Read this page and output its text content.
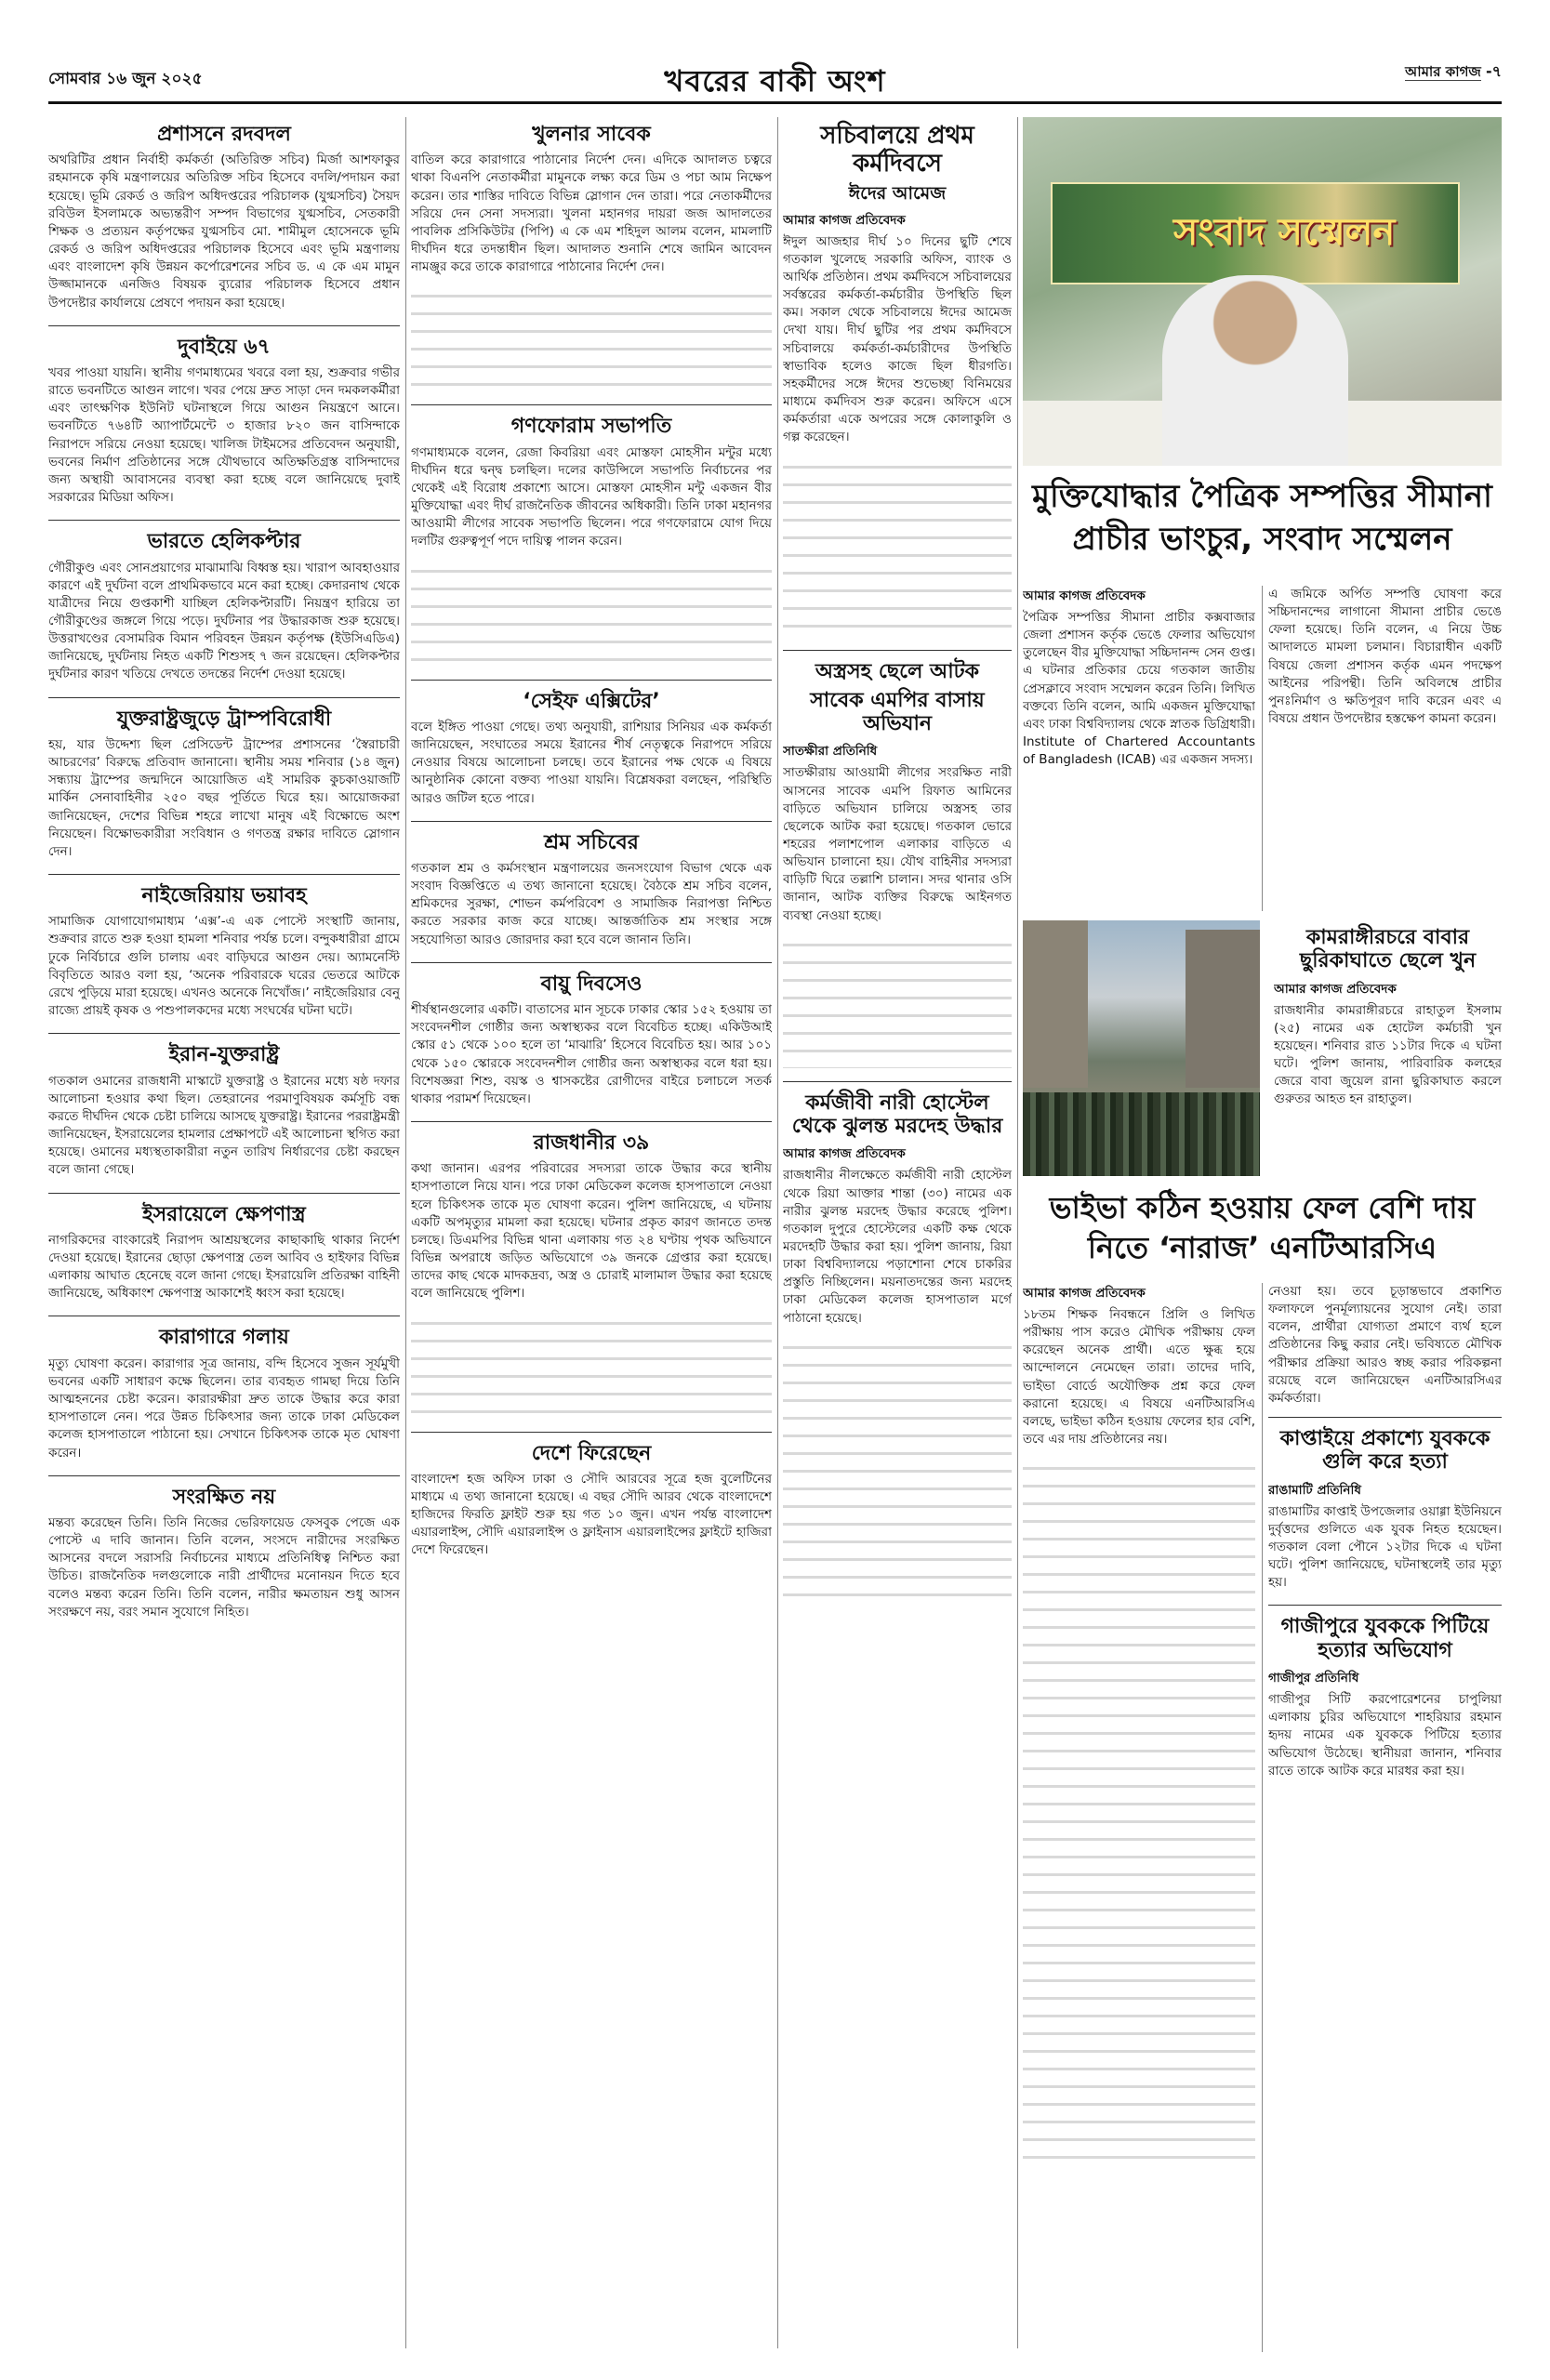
সোমবার ১৬ জুন ২০২৫	খবরের বাকী অংশ	আমার কাগজ -৭
প্রশাসনে রদবদল
অথরিটির প্রধান নির্বাহী কর্মকর্তা (অতিরিক্ত সচিব) মির্জা আশফাকুর রহমানকে কৃষি মন্ত্রণালয়ের অতিরিক্ত সচিব হিসেবে বদলি/পদায়ন করা হয়েছে। ভূমি রেকর্ড ও জরিপ অধিদপ্তরের পরিচালক (যুগ্মসচিব) সৈয়দ রবিউল ইসলামকে অভ্যন্তরীণ সম্পদ বিভাগের যুগ্মসচিব, সেতকারী শিক্ষক ও প্রত্যয়ন কর্তৃপক্ষের যুগ্মসচিব মো. শামীমুল হোসেনকে ভূমি রেকর্ড ও জরিপ অধিদপ্তরের পরিচালক হিসেবে এবং ভূমি মন্ত্রণালয় এবং বাংলাদেশ কৃষি উন্নয়ন কর্পোরেশনের সচিব ড. এ কে এম মামুন উজ্জামানকে এনজিও বিষয়ক ব্যুরোর পরিচালক হিসেবে প্রধান উপদেষ্টার কার্যালয়ে প্রেষণে পদায়ন করা হয়েছে।
দুবাইয়ে ৬৭
খবর পাওয়া যায়নি। স্থানীয় গণমাধ্যমের খবরে বলা হয়, শুক্রবার গভীর রাতে ভবনটিতে আগুন লাগে। খবর পেয়ে দ্রুত সাড়া দেন দমকলকর্মীরা এবং তাৎক্ষণিক ইউনিট ঘটনাস্থলে গিয়ে আগুন নিয়ন্ত্রণে আনে। ভবনটিতে ৭৬৪টি অ্যাপার্টমেন্টে ৩ হাজার ৮২০ জন বাসিন্দাকে নিরাপদে সরিয়ে নেওয়া হয়েছে। খালিজ টাইমসের প্রতিবেদন অনুযায়ী, ভবনের নির্মাণ প্রতিষ্ঠানের সঙ্গে যৌথভাবে অতিক্ষতিগ্রস্ত বাসিন্দাদের জন্য অস্থায়ী আবাসনের ব্যবস্থা করা হচ্ছে বলে জানিয়েছে দুবাই সরকারের মিডিয়া অফিস।
ভারতে হেলিকপ্টার
গৌরীকুণ্ড এবং সোনপ্রয়াগের মাঝামাঝি বিধ্বস্ত হয়। খারাপ আবহাওয়ার কারণে এই দুর্ঘটনা বলে প্রাথমিকভাবে মনে করা হচ্ছে। কেদারনাথ থেকে যাত্রীদের নিয়ে গুপ্তকাশী যাচ্ছিল হেলিকপ্টারটি। নিয়ন্ত্রণ হারিয়ে তা গৌরীকুণ্ডের জঙ্গলে গিয়ে পড়ে। দুর্ঘটনার পর উদ্ধারকাজ শুরু হয়েছে। উত্তরাখণ্ডের বেসামরিক বিমান পরিবহন উন্নয়ন কর্তৃপক্ষ (ইউসিএডিএ) জানিয়েছে, দুর্ঘটনায় নিহত একটি শিশুসহ ৭ জন রয়েছেন। হেলিকপ্টার দুর্ঘটনার কারণ খতিয়ে দেখতে তদন্তের নির্দেশ দেওয়া হয়েছে।
যুক্তরাষ্ট্রজুড়ে ট্রাম্পবিরোধী
হয়, যার উদ্দেশ্য ছিল প্রেসিডেন্ট ট্রাম্পের প্রশাসনের ‘স্বৈরাচারী আচরণের’ বিরুদ্ধে প্রতিবাদ জানানো। স্থানীয় সময় শনিবার (১৪ জুন) সন্ধ্যায় ট্রাম্পের জন্মদিনে আয়োজিত এই সামরিক কুচকাওয়াজটি মার্কিন সেনাবাহিনীর ২৫০ বছর পূর্তিতে ঘিরে হয়। আয়োজকরা জানিয়েছেন, দেশের বিভিন্ন শহরে লাখো মানুষ এই বিক্ষোভে অংশ নিয়েছেন। বিক্ষোভকারীরা সংবিধান ও গণতন্ত্র রক্ষার দাবিতে স্লোগান দেন।
নাইজেরিয়ায় ভয়াবহ
সামাজিক যোগাযোগমাধ্যম ‘এক্স’-এ এক পোস্টে সংস্থাটি জানায়, শুক্রবার রাতে শুরু হওয়া হামলা শনিবার পর্যন্ত চলে। বন্দুকধারীরা গ্রামে ঢুকে নির্বিচারে গুলি চালায় এবং বাড়িঘরে আগুন দেয়। অ্যামনেস্টি বিবৃতিতে আরও বলা হয়, ‘অনেক পরিবারকে ঘরের ভেতরে আটকে রেখে পুড়িয়ে মারা হয়েছে। এখনও অনেকে নিখোঁজ।’ নাইজেরিয়ার বেনু রাজ্যে প্রায়ই কৃষক ও পশুপালকদের মধ্যে সংঘর্ষের ঘটনা ঘটে।
ইরান-যুক্তরাষ্ট্র
গতকাল ওমানের রাজধানী মাস্কাটে যুক্তরাষ্ট্র ও ইরানের মধ্যে ষষ্ঠ দফার আলোচনা হওয়ার কথা ছিল। তেহরানের পরমাণুবিষয়ক কর্মসূচি বন্ধ করতে দীর্ঘদিন থেকে চেষ্টা চালিয়ে আসছে যুক্তরাষ্ট্র। ইরানের পররাষ্ট্রমন্ত্রী জানিয়েছেন, ইসরায়েলের হামলার প্রেক্ষাপটে এই আলোচনা স্থগিত করা হয়েছে। ওমানের মধ্যস্থতাকারীরা নতুন তারিখ নির্ধারণের চেষ্টা করছেন বলে জানা গেছে।
ইসরায়েলে ক্ষেপণাস্ত্র
নাগরিকদের বাংকারেই নিরাপদ আশ্রয়স্থলের কাছাকাছি থাকার নির্দেশ দেওয়া হয়েছে। ইরানের ছোড়া ক্ষেপণাস্ত্র তেল আবিব ও হাইফার বিভিন্ন এলাকায় আঘাত হেনেছে বলে জানা গেছে। ইসরায়েলি প্রতিরক্ষা বাহিনী জানিয়েছে, অধিকাংশ ক্ষেপণাস্ত্র আকাশেই ধ্বংস করা হয়েছে।
কারাগারে গলায়
মৃত্যু ঘোষণা করেন। কারাগার সূত্র জানায়, বন্দি হিসেবে সুজন সূর্যমুখী ভবনের একটি সাধারণ কক্ষে ছিলেন। তার ব্যবহৃত গামছা দিয়ে তিনি আত্মহননের চেষ্টা করেন। কারারক্ষীরা দ্রুত তাকে উদ্ধার করে কারা হাসপাতালে নেন। পরে উন্নত চিকিৎসার জন্য তাকে ঢাকা মেডিকেল কলেজ হাসপাতালে পাঠানো হয়। সেখানে চিকিৎসক তাকে মৃত ঘোষণা করেন।
সংরক্ষিত নয়
মন্তব্য করেছেন তিনি। তিনি নিজের ভেরিফায়েড ফেসবুক পেজে এক পোস্টে এ দাবি জানান। তিনি বলেন, সংসদে নারীদের সংরক্ষিত আসনের বদলে সরাসরি নির্বাচনের মাধ্যমে প্রতিনিধিত্ব নিশ্চিত করা উচিত। রাজনৈতিক দলগুলোকে নারী প্রার্থীদের মনোনয়ন দিতে হবে বলেও মন্তব্য করেন তিনি। তিনি বলেন, নারীর ক্ষমতায়ন শুধু আসন সংরক্ষণে নয়, বরং সমান সুযোগে নিহিত।
খুলনার সাবেক
বাতিল করে কারাগারে পাঠানোর নির্দেশ দেন। এদিকে আদালত চত্বরে থাকা বিএনপি নেতাকর্মীরা মামুনকে লক্ষ্য করে ডিম ও পচা আম নিক্ষেপ করেন। তার শাস্তির দাবিতে বিভিন্ন স্লোগান দেন তারা। পরে নেতাকর্মীদের সরিয়ে দেন সেনা সদস্যরা। খুলনা মহানগর দায়রা জজ আদালতের পাবলিক প্রসিকিউটর (পিপি) এ কে এম শহিদুল আলম বলেন, মামলাটি দীর্ঘদিন ধরে তদন্তাধীন ছিল। আদালত শুনানি শেষে জামিন আবেদন নামঞ্জুর করে তাকে কারাগারে পাঠানোর নির্দেশ দেন।
গণফোরাম সভাপতি
গণমাধ্যমকে বলেন, রেজা কিবরিয়া এবং মোস্তফা মোহসীন মন্টুর মধ্যে দীর্ঘদিন ধরে দ্বন্দ্ব চলছিল। দলের কাউন্সিলে সভাপতি নির্বাচনের পর থেকেই এই বিরোধ প্রকাশ্যে আসে। মোস্তফা মোহসীন মন্টু একজন বীর মুক্তিযোদ্ধা এবং দীর্ঘ রাজনৈতিক জীবনের অধিকারী। তিনি ঢাকা মহানগর আওয়ামী লীগের সাবেক সভাপতি ছিলেন। পরে গণফোরামে যোগ দিয়ে দলটির গুরুত্বপূর্ণ পদে দায়িত্ব পালন করেন।
‘সেইফ এক্সিটের’
বলে ইঙ্গিত পাওয়া গেছে। তথ্য অনুযায়ী, রাশিয়ার সিনিয়র এক কর্মকর্তা জানিয়েছেন, সংঘাতের সময়ে ইরানের শীর্ষ নেতৃত্বকে নিরাপদে সরিয়ে নেওয়ার বিষয়ে আলোচনা চলছে। তবে ইরানের পক্ষ থেকে এ বিষয়ে আনুষ্ঠানিক কোনো বক্তব্য পাওয়া যায়নি। বিশ্লেষকরা বলছেন, পরিস্থিতি আরও জটিল হতে পারে।
শ্রম সচিবের
গতকাল শ্রম ও কর্মসংস্থান মন্ত্রণালয়ের জনসংযোগ বিভাগ থেকে এক সংবাদ বিজ্ঞপ্তিতে এ তথ্য জানানো হয়েছে। বৈঠকে শ্রম সচিব বলেন, শ্রমিকদের সুরক্ষা, শোভন কর্মপরিবেশ ও সামাজিক নিরাপত্তা নিশ্চিত করতে সরকার কাজ করে যাচ্ছে। আন্তর্জাতিক শ্রম সংস্থার সঙ্গে সহযোগিতা আরও জোরদার করা হবে বলে জানান তিনি।
বায়ু দিবসেও
শীর্ষস্থানগুলোর একটি। বাতাসের মান সূচকে ঢাকার স্কোর ১৫২ হওয়ায় তা সংবেদনশীল গোষ্ঠীর জন্য অস্বাস্থ্যকর বলে বিবেচিত হচ্ছে। একিউআই স্কোর ৫১ থেকে ১০০ হলে তা ‘মাঝারি’ হিসেবে বিবেচিত হয়। আর ১০১ থেকে ১৫০ স্কোরকে সংবেদনশীল গোষ্ঠীর জন্য অস্বাস্থ্যকর বলে ধরা হয়। বিশেষজ্ঞরা শিশু, বয়স্ক ও শ্বাসকষ্টের রোগীদের বাইরে চলাচলে সতর্ক থাকার পরামর্শ দিয়েছেন।
রাজধানীর ৩৯
কথা জানান। এরপর পরিবারের সদস্যরা তাকে উদ্ধার করে স্থানীয় হাসপাতালে নিয়ে যান। পরে ঢাকা মেডিকেল কলেজ হাসপাতালে নেওয়া হলে চিকিৎসক তাকে মৃত ঘোষণা করেন। পুলিশ জানিয়েছে, এ ঘটনায় একটি অপমৃত্যুর মামলা করা হয়েছে। ঘটনার প্রকৃত কারণ জানতে তদন্ত চলছে। ডিএমপির বিভিন্ন থানা এলাকায় গত ২৪ ঘণ্টায় পৃথক অভিযানে বিভিন্ন অপরাধে জড়িত অভিযোগে ৩৯ জনকে গ্রেপ্তার করা হয়েছে। তাদের কাছ থেকে মাদকদ্রব্য, অস্ত্র ও চোরাই মালামাল উদ্ধার করা হয়েছে বলে জানিয়েছে পুলিশ।
দেশে ফিরেছেন
বাংলাদেশ হজ অফিস ঢাকা ও সৌদি আরবের সূত্রে হজ বুলেটিনের মাধ্যমে এ তথ্য জানানো হয়েছে। এ বছর সৌদি আরব থেকে বাংলাদেশে হাজিদের ফিরতি ফ্লাইট শুরু হয় গত ১০ জুন। এখন পর্যন্ত বাংলাদেশ এয়ারলাইন্স, সৌদি এয়ারলাইন্স ও ফ্লাইনাস এয়ারলাইন্সের ফ্লাইটে হাজিরা দেশে ফিরেছেন।
সচিবালয়ে প্রথম কর্মদিবসে
ঈদের আমেজ
আমার কাগজ প্রতিবেদক
ঈদুল আজহার দীর্ঘ ১০ দিনের ছুটি শেষে গতকাল খুলেছে সরকারি অফিস, ব্যাংক ও আর্থিক প্রতিষ্ঠান। প্রথম কর্মদিবসে সচিবালয়ের সর্বস্তরের কর্মকর্তা-কর্মচারীর উপস্থিতি ছিল কম। সকাল থেকে সচিবালয়ে ঈদের আমেজ দেখা যায়। দীর্ঘ ছুটির পর প্রথম কর্মদিবসে সচিবালয়ে কর্মকর্তা-কর্মচারীদের উপস্থিতি স্বাভাবিক হলেও কাজে ছিল ধীরগতি। সহকর্মীদের সঙ্গে ঈদের শুভেচ্ছা বিনিময়ের মাধ্যমে কর্মদিবস শুরু করেন। অফিসে এসে কর্মকর্তারা একে অপরের সঙ্গে কোলাকুলি ও গল্প করেছেন।
অস্ত্রসহ ছেলে আটক
সাবেক এমপির বাসায় অভিযান
সাতক্ষীরা প্রতিনিধি
সাতক্ষীরায় আওয়ামী লীগের সংরক্ষিত নারী আসনের সাবেক এমপি রিফাত আমিনের বাড়িতে অভিযান চালিয়ে অস্ত্রসহ তার ছেলেকে আটক করা হয়েছে। গতকাল ভোরে শহরের পলাশপোল এলাকার বাড়িতে এ অভিযান চালানো হয়। যৌথ বাহিনীর সদস্যরা বাড়িটি ঘিরে তল্লাশি চালান। সদর থানার ওসি জানান, আটক ব্যক্তির বিরুদ্ধে আইনগত ব্যবস্থা নেওয়া হচ্ছে।
কর্মজীবী নারী হোস্টেল থেকে ঝুলন্ত মরদেহ উদ্ধার
আমার কাগজ প্রতিবেদক
রাজধানীর নীলক্ষেতে কর্মজীবী নারী হোস্টেল থেকে রিয়া আক্তার শান্তা (৩০) নামের এক নারীর ঝুলন্ত মরদেহ উদ্ধার করেছে পুলিশ। গতকাল দুপুরে হোস্টেলের একটি কক্ষ থেকে মরদেহটি উদ্ধার করা হয়। পুলিশ জানায়, রিয়া ঢাকা বিশ্ববিদ্যালয়ে পড়াশোনা শেষে চাকরির প্রস্তুতি নিচ্ছিলেন। ময়নাতদন্তের জন্য মরদেহ ঢাকা মেডিকেল কলেজ হাসপাতাল মর্গে পাঠানো হয়েছে।
সংবাদ সম্মেলন
মুক্তিযোদ্ধার পৈত্রিক সম্পত্তির সীমানা প্রাচীর ভাংচুর, সংবাদ সম্মেলন
আমার কাগজ প্রতিবেদক
পৈত্রিক সম্পত্তির সীমানা প্রাচীর কক্সবাজার জেলা প্রশাসন কর্তৃক ভেঙে ফেলার অভিযোগ তুলেছেন বীর মুক্তিযোদ্ধা সচ্চিদানন্দ সেন গুপ্ত। এ ঘটনার প্রতিকার চেয়ে গতকাল জাতীয় প্রেসক্লাবে সংবাদ সম্মেলন করেন তিনি। লিখিত বক্তব্যে তিনি বলেন, আমি একজন মুক্তিযোদ্ধা এবং ঢাকা বিশ্ববিদ্যালয় থেকে স্নাতক ডিগ্রিধারী। Institute of Chartered Accountants of Bangladesh (ICAB) এর একজন সদস্য।
এ জমিকে অর্পিত সম্পত্তি ঘোষণা করে সচ্চিদানন্দের লাগানো সীমানা প্রাচীর ভেঙে ফেলা হয়েছে। তিনি বলেন, এ নিয়ে উচ্চ আদালতে মামলা চলমান। বিচারাধীন একটি বিষয়ে জেলা প্রশাসন কর্তৃক এমন পদক্ষেপ আইনের পরিপন্থী। তিনি অবিলম্বে প্রাচীর পুনঃনির্মাণ ও ক্ষতিপূরণ দাবি করেন এবং এ বিষয়ে প্রধান উপদেষ্টার হস্তক্ষেপ কামনা করেন।
কামরাঙ্গীরচরে বাবার ছুরিকাঘাতে ছেলে খুন
আমার কাগজ প্রতিবেদক
রাজধানীর কামরাঙ্গীরচরে রাহাতুল ইসলাম (২৫) নামের এক হোটেল কর্মচারী খুন হয়েছেন। শনিবার রাত ১১টার দিকে এ ঘটনা ঘটে। পুলিশ জানায়, পারিবারিক কলহের জেরে বাবা জুয়েল রানা ছুরিকাঘাত করলে গুরুতর আহত হন রাহাতুল।
ভাইভা কঠিন হওয়ায় ফেল বেশি দায় নিতে ‘নারাজ’ এনটিআরসিএ
আমার কাগজ প্রতিবেদক
১৮তম শিক্ষক নিবন্ধনে প্রিলি ও লিখিত পরীক্ষায় পাস করেও মৌখিক পরীক্ষায় ফেল করেছেন অনেক প্রার্থী। এতে ক্ষুব্ধ হয়ে আন্দোলনে নেমেছেন তারা। তাদের দাবি, ভাইভা বোর্ডে অযৌক্তিক প্রশ্ন করে ফেল করানো হয়েছে। এ বিষয়ে এনটিআরসিএ বলছে, ভাইভা কঠিন হওয়ায় ফেলের হার বেশি, তবে এর দায় প্রতিষ্ঠানের নয়।
নেওয়া হয়। তবে চূড়ান্তভাবে প্রকাশিত ফলাফলে পুনর্মূল্যায়নের সুযোগ নেই। তারা বলেন, প্রার্থীরা যোগ্যতা প্রমাণে ব্যর্থ হলে প্রতিষ্ঠানের কিছু করার নেই। ভবিষ্যতে মৌখিক পরীক্ষার প্রক্রিয়া আরও স্বচ্ছ করার পরিকল্পনা রয়েছে বলে জানিয়েছেন এনটিআরসিএর কর্মকর্তারা।
কাপ্তাইয়ে প্রকাশ্যে যুবককে গুলি করে হত্যা
রাঙামাটি প্রতিনিধি
রাঙামাটির কাপ্তাই উপজেলার ওয়াগ্গা ইউনিয়নে দুর্বৃত্তদের গুলিতে এক যুবক নিহত হয়েছেন। গতকাল বেলা পৌনে ১২টার দিকে এ ঘটনা ঘটে। পুলিশ জানিয়েছে, ঘটনাস্থলেই তার মৃত্যু হয়।
গাজীপুরে যুবককে পিটিয়ে হত্যার অভিযোগ
গাজীপুর প্রতিনিধি
গাজীপুর সিটি করপোরেশনের চাপুলিয়া এলাকায় চুরির অভিযোগে শাহরিয়ার রহমান হৃদয় নামের এক যুবককে পিটিয়ে হত্যার অভিযোগ উঠেছে। স্থানীয়রা জানান, শনিবার রাতে তাকে আটক করে মারধর করা হয়।
